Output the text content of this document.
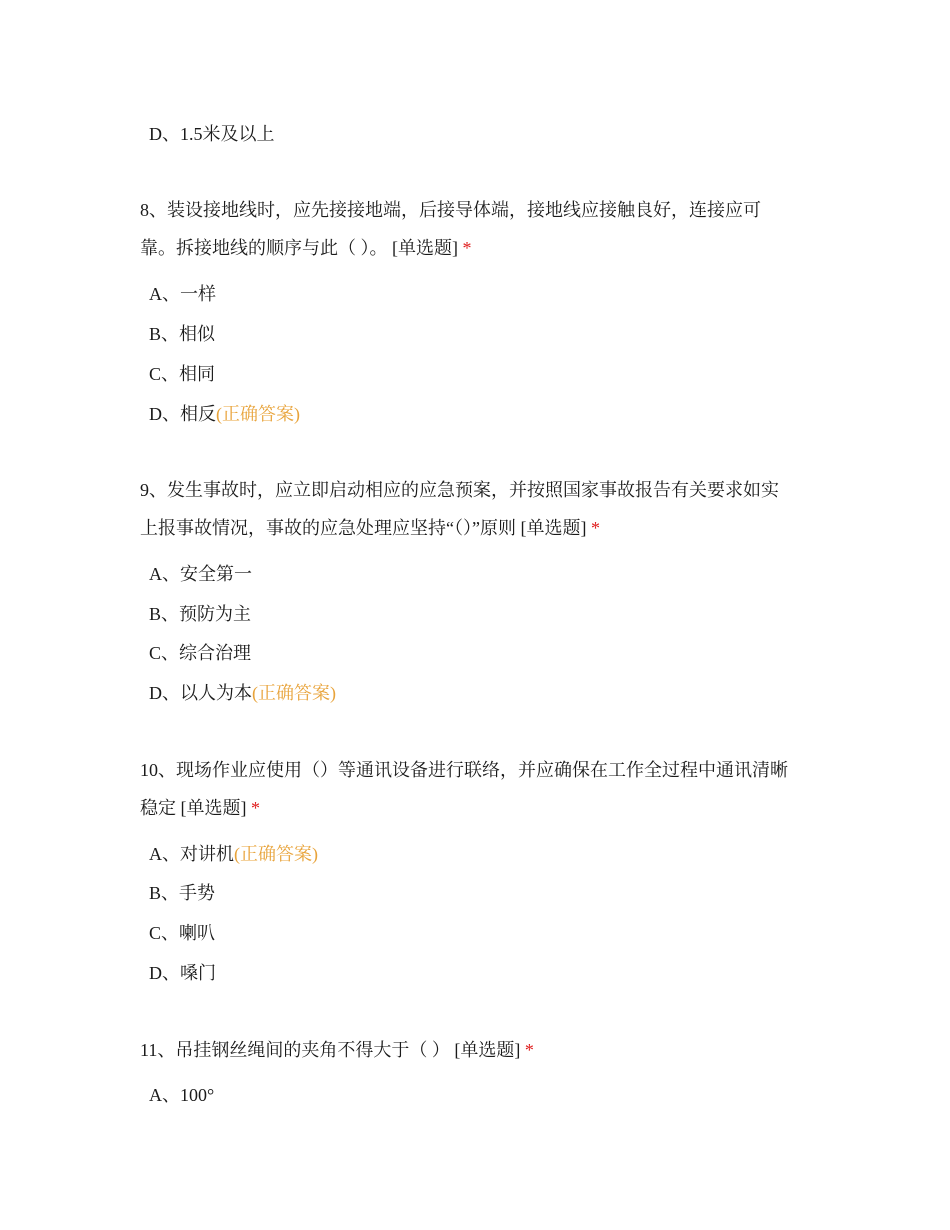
D、1.5米及以上
8、装设接地线时，应先接接地端，后接导体端，接地线应接触良好，连接应可
靠。拆接地线的顺序与此（ ）。 [单选题] *
A、一样
B、相似
C、相同
D、相反(正确答案)
9、发生事故时，应立即启动相应的应急预案，并按照国家事故报告有关要求如实
上报事故情况，事故的应急处理应坚持“（）”原则 [单选题] *
A、安全第一
B、预防为主
C、综合治理
D、以人为本(正确答案)
10、现场作业应使用（）等通讯设备进行联络，并应确保在工作全过程中通讯清晰
稳定 [单选题] *
A、对讲机(正确答案)
B、手势
C、喇叭
D、嗓门
11、吊挂钢丝绳间的夹角不得大于（ ） [单选题] *
A、100°
